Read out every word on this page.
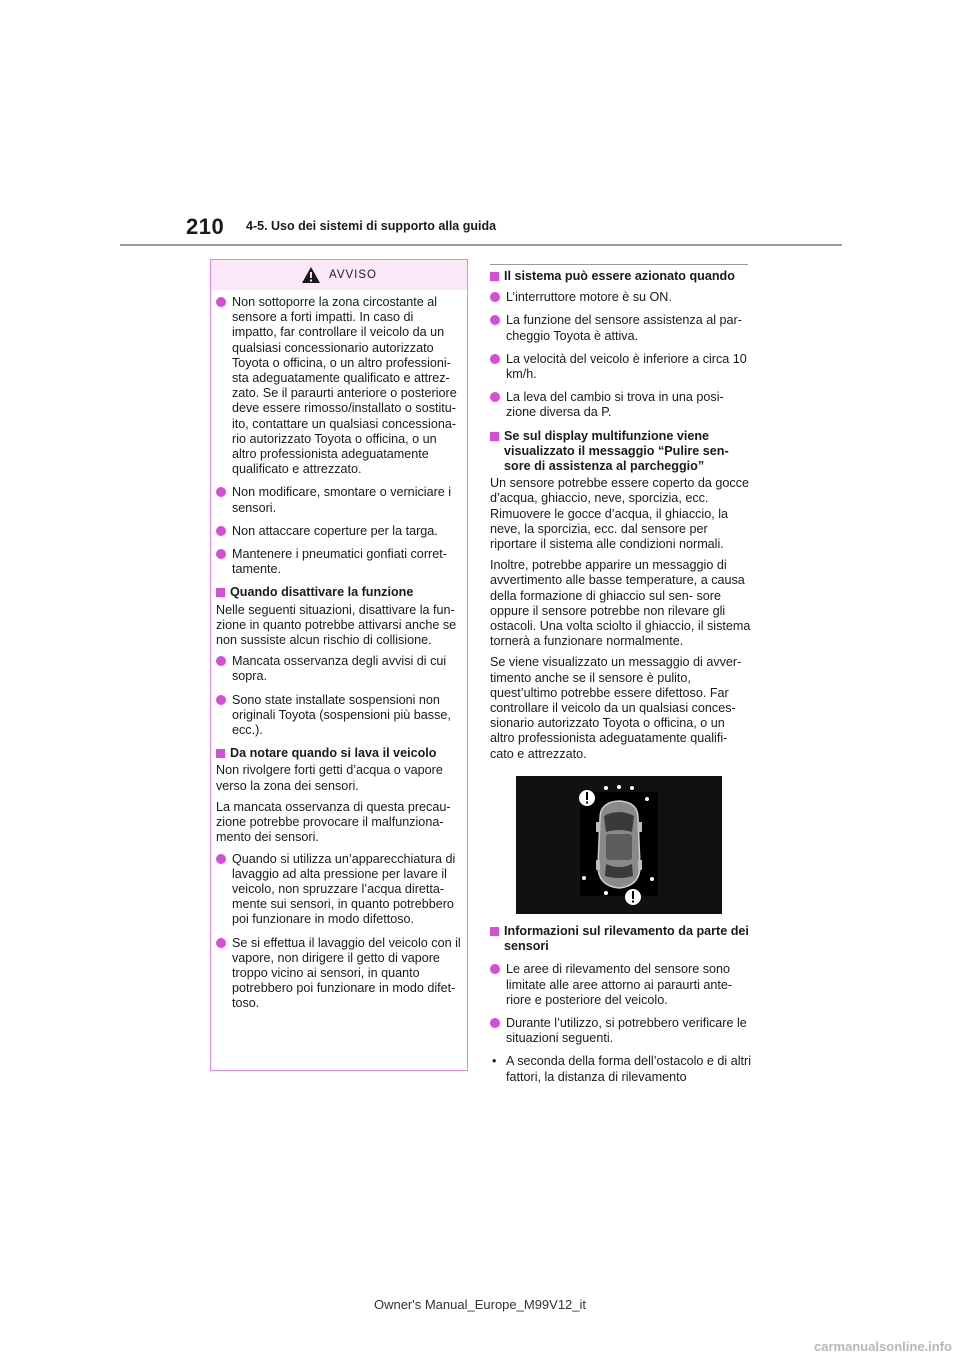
210 4-5. Uso dei sistemi di supporto alla guida
AVVISO
Non sottoporre la zona circostante al sensore a forti impatti. In caso di impatto, far controllare il veicolo da un qualsiasi concessionario autorizzato Toyota o officina, o un altro professioni- sta adeguatamente qualificato e attrez- zato. Se il paraurti anteriore o posteriore deve essere rimosso/installato o sostitu- ito, contattare un qualsiasi concessiona- rio autorizzato Toyota o officina, o un altro professionista adeguatamente qualificato e attrezzato.
Non modificare, smontare o verniciare i sensori.
Non attaccare coperture per la targa.
Mantenere i pneumatici gonfiati corret- tamente.
Quando disattivare la funzione

Nelle seguenti situazioni, disattivare la fun- zione in quanto potrebbe attivarsi anche se non sussiste alcun rischio di collisione.

Mancata osservanza degli avvisi di cui sopra.
Sono state installate sospensioni non originali Toyota (sospensioni più basse, ecc.).
Da notare quando si lava il veicolo

Non rivolgere forti getti d’acqua o vapore verso la zona dei sensori.

La mancata osservanza di questa precau- zione potrebbe provocare il malfunziona- mento dei sensori.

Quando si utilizza un’apparecchiatura di lavaggio ad alta pressione per lavare il veicolo, non spruzzare l’acqua diretta- mente sui sensori, in quanto potrebbero poi funzionare in modo difettoso.
Se si effettua il lavaggio del veicolo con il vapore, non dirigere il getto di vapore troppo vicino ai sensori, in quanto potrebbero poi funzionare in modo difet- toso.
Il sistema può essere azionato quando
L’interruttore motore è su ON.
La funzione del sensore assistenza al par- cheggio Toyota è attiva.
La velocità del veicolo è inferiore a circa 10 km/h.
La leva del cambio si trova in una posi- zione diversa da P.
Se sul display multifunzione viene visualizzato il messaggio “Pulire sen- sore di assistenza al parcheggio”

Un sensore potrebbe essere coperto da gocce d’acqua, ghiaccio, neve, sporcizia, ecc. Rimuovere le gocce d’acqua, il ghiaccio, la neve, la sporcizia, ecc. dal sensore per riportare il sistema alle condizioni normali.

Inoltre, potrebbe apparire un messaggio di avvertimento alle basse temperature, a causa della formazione di ghiaccio sul sen- sore oppure il sensore potrebbe non rilevare gli ostacoli. Una volta sciolto il ghiaccio, il sistema tornerà a funzionare normalmente.

Se viene visualizzato un messaggio di avver- timento anche se il sensore è pulito, quest’ultimo potrebbe essere difettoso. Far controllare il veicolo da un qualsiasi conces- sionario autorizzato Toyota o officina, o un altro professionista adeguatamente qualifi- cato e attrezzato.

Informazioni sul rilevamento da parte dei sensori
Le aree di rilevamento del sensore sono limitate alle aree attorno ai paraurti ante- riore e posteriore del veicolo.
Durante l’utilizzo, si potrebbero verificare le situazioni seguenti.
• A seconda della forma dell’ostacolo e di altri fattori, la distanza di rilevamento
Owner's Manual_Europe_M99V12_it
carmanualsonline.info
